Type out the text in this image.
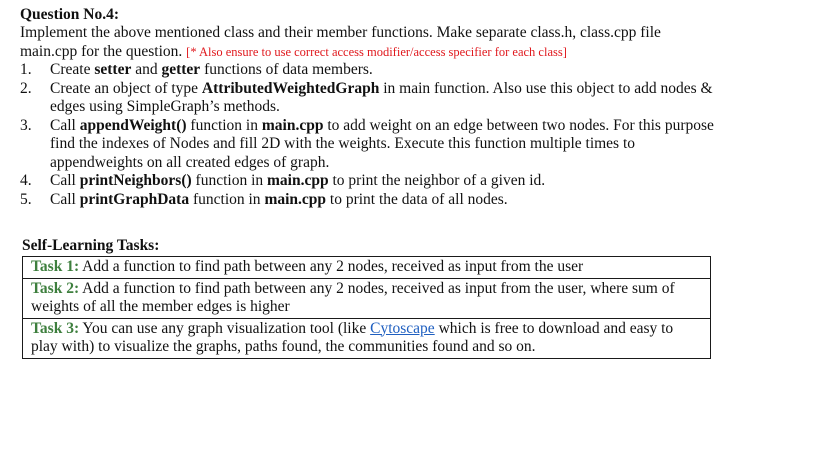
Question No.4:

Implement the above mentioned class and their member functions. Make separate class.h, class.cpp file main.cpp for the question. [* Also ensure to use correct access modifier/access specifier for each class]

1. Create setter and getter functions of data members.
2. Create an object of type AttributedWeightedGraph in main function. Also use this object to add nodes & edges using SimpleGraph’s methods.
3. Call appendWeight() function in main.cpp to add weight on an edge between two nodes. For this purpose find the indexes of Nodes and fill 2D with the weights. Execute this function multiple times to appendweights on all created edges of graph.
4. Call printNeighbors() function in main.cpp to print the neighbor of a given id.
5. Call printGraphData function in main.cpp to print the data of all nodes.

Self-Learning Tasks:

Task 1: Add a function to find path between any 2 nodes, received as input from the user
Task 2: Add a function to find path between any 2 nodes, received as input from the user, where sum of weights of all the member edges is higher
Task 3: You can use any graph visualization tool (like Cytoscape which is free to download and easy to play with) to visualize the graphs, paths found, the communities found and so on.
